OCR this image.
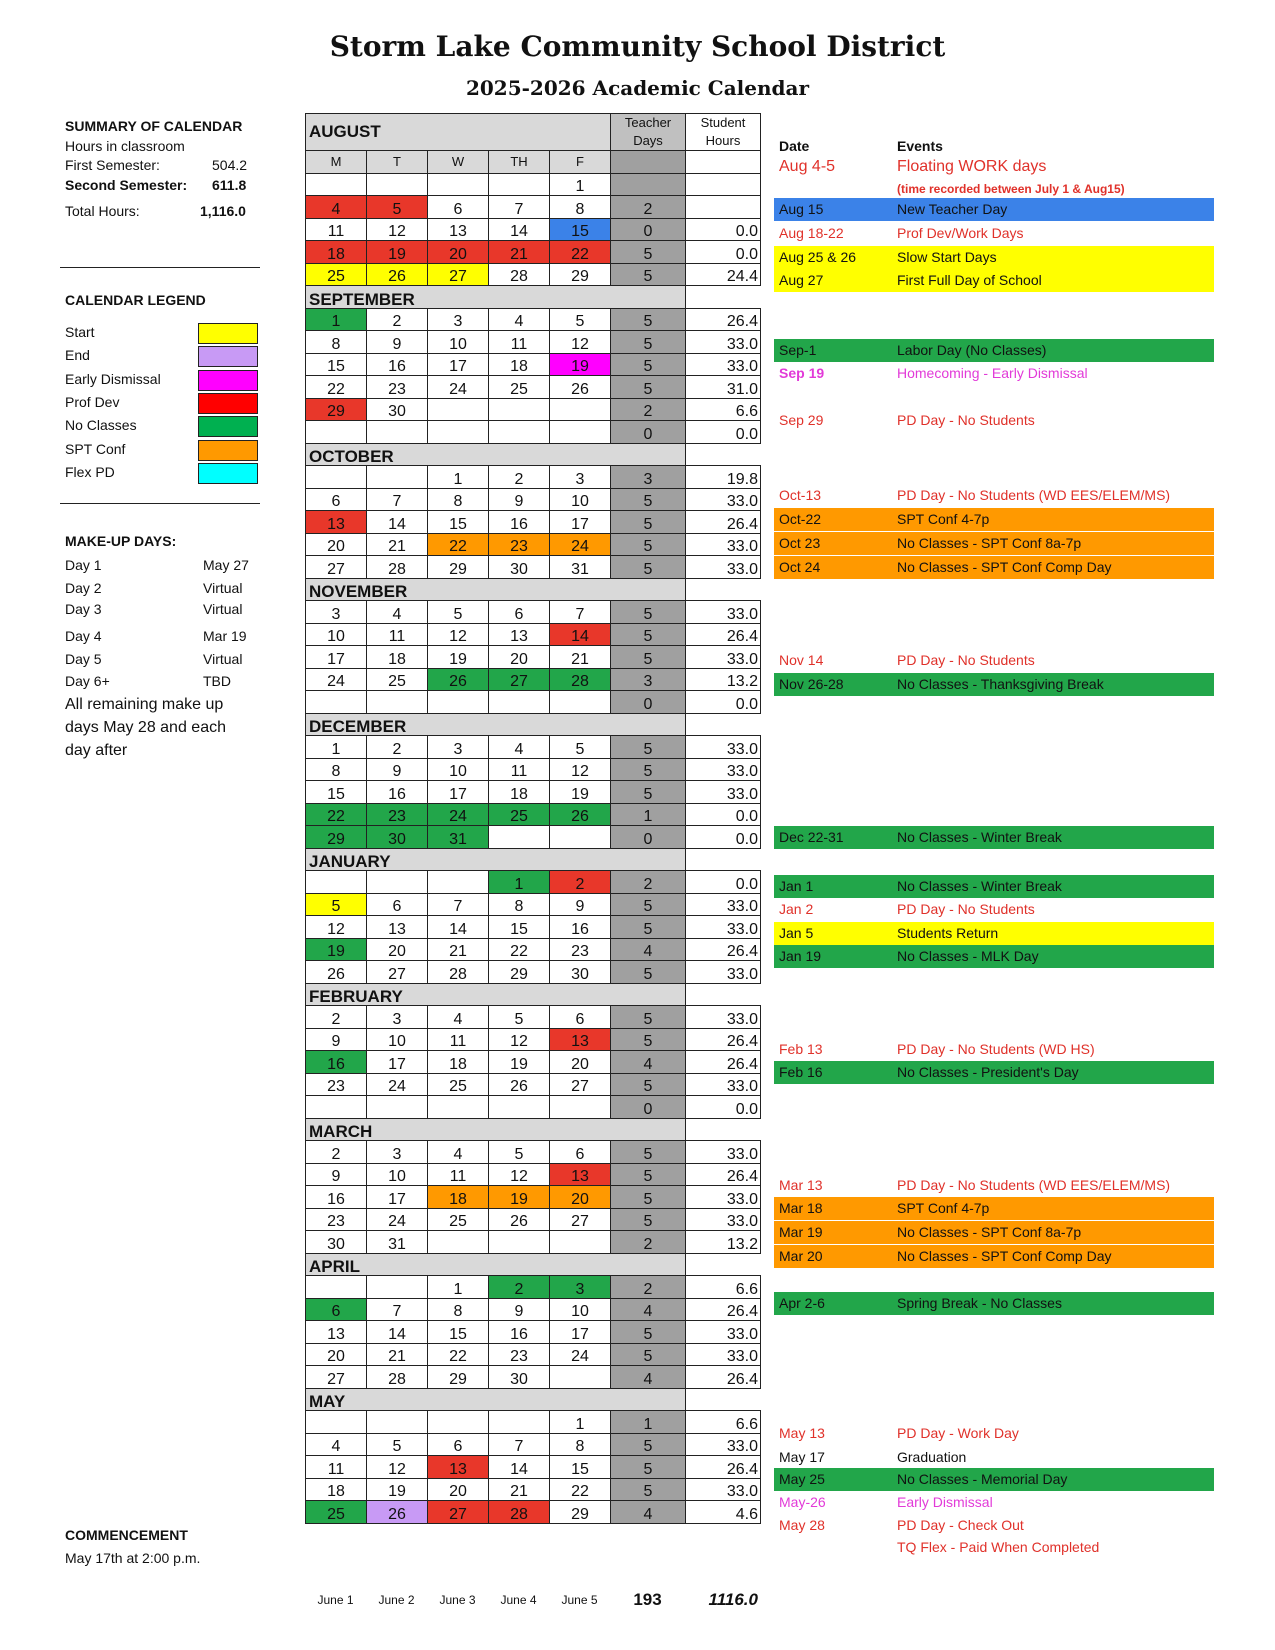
Storm Lake Community School District
2025-2026 Academic Calendar
SUMMARY OF CALENDAR
Hours in classroom
First Semester:	504.2
Second Semester: 611.8
Total Hours:	1,116.0
CALENDAR LEGEND
Start
End
Early Dismissal
Prof Dev
No Classes
SPT Conf
Flex PD
MAKE-UP DAYS:
Day 1	May 27
Day 2	Virtual
Day 3	Virtual
Day 4	Mar 19
Day 5	Virtual
Day 6+	TBD
All remaining make up
days May 28 and each
day after
COMMENCEMENT
May 17th at 2:00 p.m.
AUGUST					Teacher
Days	Student
Hours
M	T	W	TH	F		
				1		
4	5	6	7	8	2	
11	12	13	14	15	0	0.0
18	19	20	21	22	5	0.0
25	26	27	28	29	5	24.4
SEPTEMBER						
1	2	3	4	5	5	26.4
8	9	10	11	12	5	33.0
15	16	17	18	19	5	33.0
22	23	24	25	26	5	31.0
29	30				2	6.6
					0	0.0
OCTOBER						
		1	2	3	3	19.8
6	7	8	9	10	5	33.0
13	14	15	16	17	5	26.4
20	21	22	23	24	5	33.0
27	28	29	30	31	5	33.0
NOVEMBER						
3	4	5	6	7	5	33.0
10	11	12	13	14	5	26.4
17	18	19	20	21	5	33.0
24	25	26	27	28	3	13.2
					0	0.0
DECEMBER						
1	2	3	4	5	5	33.0
8	9	10	11	12	5	33.0
15	16	17	18	19	5	33.0
22	23	24	25	26	1	0.0
29	30	31			0	0.0
JANUARY						
			1	2	2	0.0
5	6	7	8	9	5	33.0
12	13	14	15	16	5	33.0
19	20	21	22	23	4	26.4
26	27	28	29	30	5	33.0
FEBRUARY						
2	3	4	5	6	5	33.0
9	10	11	12	13	5	26.4
16	17	18	19	20	4	26.4
23	24	25	26	27	5	33.0
					0	0.0
MARCH						
2	3	4	5	6	5	33.0
9	10	11	12	13	5	26.4
16	17	18	19	20	5	33.0
23	24	25	26	27	5	33.0
30	31				2	13.2
APRIL						
		1	2	3	2	6.6
6	7	8	9	10	4	26.4
13	14	15	16	17	5	33.0
20	21	22	23	24	5	33.0
27	28	29	30		4	26.4
MAY						
				1	1	6.6
4	5	6	7	8	5	33.0
11	12	13	14	15	5	26.4
18	19	20	21	22	5	33.0
25	26	27	28	29	4	4.6
June 1	June 2	June 3	June 4	June 5	193	1116.0
Date	Events
Aug 4-5	Floating WORK days
(time recorded between July 1 & Aug15)
Aug 15	New Teacher Day
Aug 18-22	Prof Dev/Work Days
Aug 25 & 26	Slow Start Days
Aug 27	First Full Day of School
Sep-1	Labor Day (No Classes)
Sep 19	Homecoming - Early Dismissal
Sep 29	PD Day - No Students
Oct-13	PD Day - No Students (WD EES/ELEM/MS)
Oct-22	SPT Conf 4-7p
Oct 23	No Classes - SPT Conf 8a-7p
Oct 24	No Classes - SPT Conf Comp Day
Nov 14	PD Day - No Students
Nov 26-28	No Classes - Thanksgiving Break
Dec 22-31	No Classes - Winter Break
Jan 1	No Classes - Winter Break
Jan 2	PD Day - No Students
Jan 5	Students Return
Jan 19	No Classes - MLK Day
Feb 13	PD Day - No Students (WD HS)
Feb 16	No Classes - President's Day
Mar 13	PD Day - No Students (WD EES/ELEM/MS)
Mar 18	SPT Conf 4-7p
Mar 19	No Classes - SPT Conf 8a-7p
Mar 20	No Classes - SPT Conf Comp Day
Apr 2-6	Spring Break - No Classes
May 13	PD Day - Work Day
May 17	Graduation
May 25	No Classes - Memorial Day
May-26	Early Dismissal
May 28	PD Day - Check Out
TQ Flex - Paid When Completed
